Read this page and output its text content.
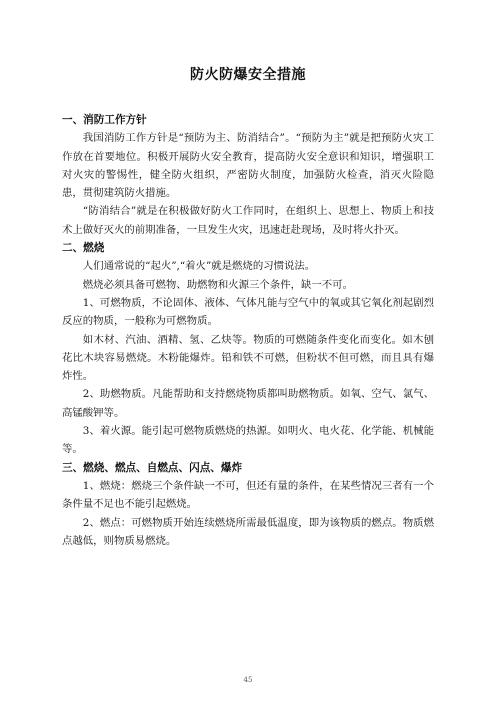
防火防爆安全措施
一、消防工作方针
我国消防工作方针是“预防为主、防消结合”。“预防为主”就是把预防火灾工作放在首要地位。积极开展防火安全教育，提高防火安全意识和知识，增强职工对火灾的警惕性，健全防火组织，严密防火制度，加强防火检查，消灭火险隐患，贯彻建筑防火措施。
“防消结合”就是在积极做好防火工作同时，在组织上、思想上、物质上和技术上做好灭火的前期准备，一旦发生火灾，迅速赶赴现场，及时将火扑灭。
二、燃烧
人们通常说的“起火”,“着火”就是燃烧的习惯说法。
燃烧必须具备可燃物、助燃物和火源三个条件，缺一不可。
1、可燃物质，不论固体、液体、气体凡能与空气中的氧或其它氧化剂起剧烈反应的物质，一般称为可燃物质。
如木材、汽油、酒精、氢、乙炔等。物质的可燃随条件变化而变化。如木刨花比木块容易燃烧。木粉能爆炸。铅和铁不可燃，但粉状不但可燃，而且具有爆炸性。
2、助燃物质。凡能帮助和支持燃烧物质都叫助燃物质。如氧、空气、氯气、高锰酸钾等。
3、着火源。能引起可燃物质燃烧的热源。如明火、电火花、化学能、机械能等。
三、燃烧、燃点、自燃点、闪点、爆炸
1、燃烧：燃烧三个条件缺一不可，但还有量的条件，在某些情况三者有一个条件量不足也不能引起燃烧。
2、燃点：可燃物质开始连续燃烧所需最低温度，即为该物质的燃点。物质燃点越低，则物质易燃烧。
45
